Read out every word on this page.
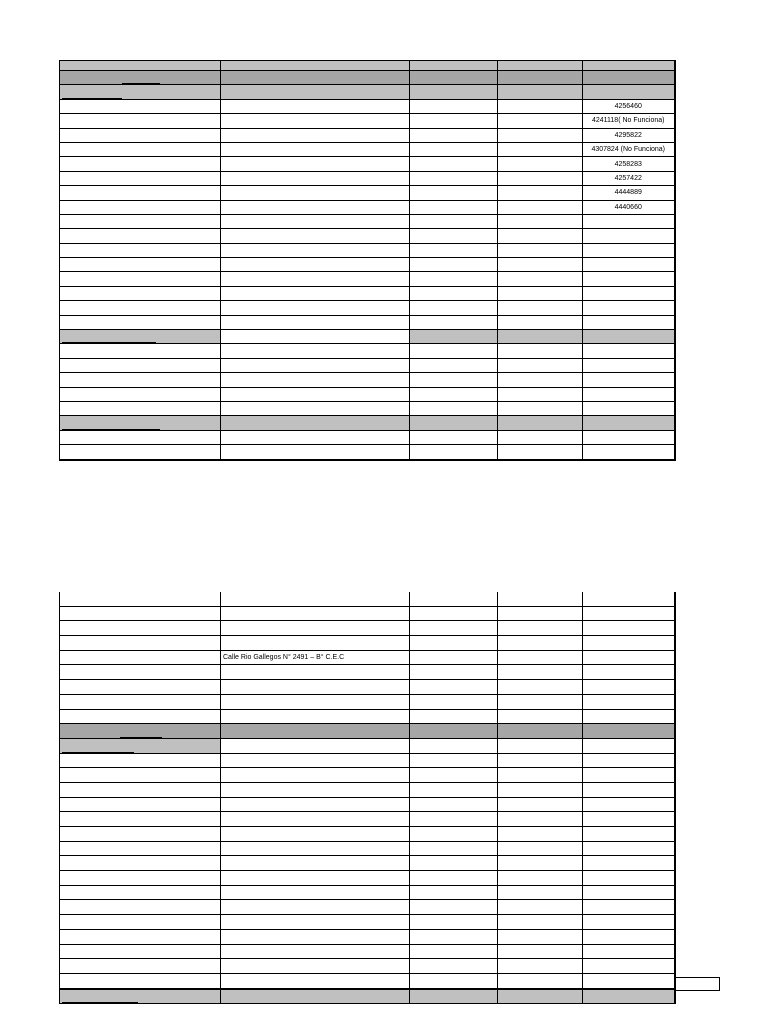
				4256460
				4241118( No Funciona)
				4295822
				4307824 (No Funciona)
				4258283
				4257422
				4444889
				4440660

	Calle Rio Gallegos N° 2491 – B° C.E.C			
